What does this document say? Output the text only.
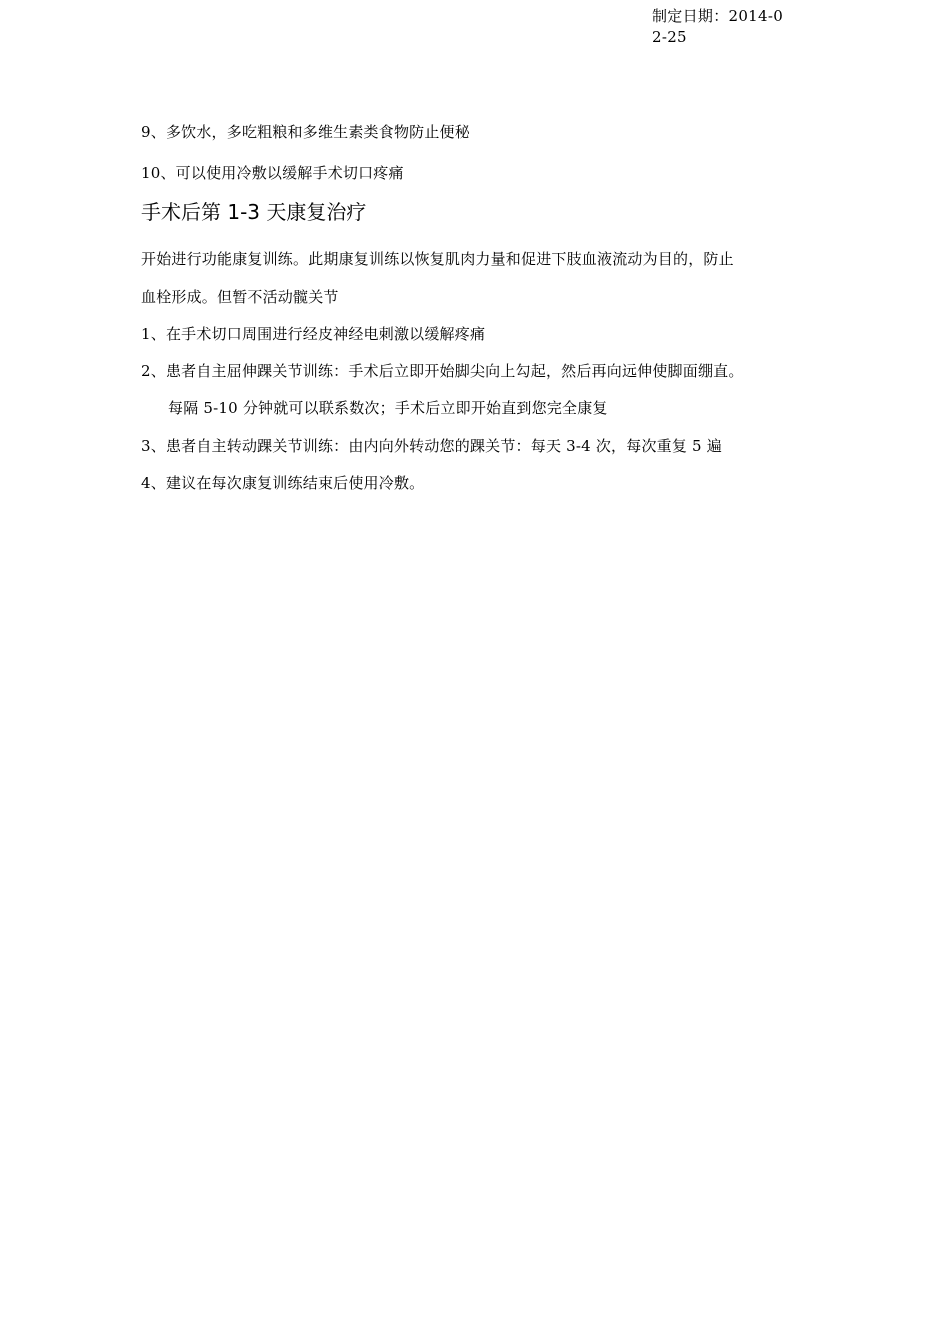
制定日期：2014-0
2-25
9、多饮水，多吃粗粮和多维生素类食物防止便秘
10、可以使用冷敷以缓解手术切口疼痛
手术后第 1-3 天康复治疗
开始进行功能康复训练。此期康复训练以恢复肌肉力量和促进下肢血液流动为目的，防止
血栓形成。但暂不活动髋关节
1、在手术切口周围进行经皮神经电刺激以缓解疼痛
2、患者自主屈伸踝关节训练：手术后立即开始脚尖向上勾起，然后再向远伸使脚面绷直。
每隔 5-10 分钟就可以联系数次；手术后立即开始直到您完全康复
3、患者自主转动踝关节训练：由内向外转动您的踝关节：每天 3-4 次，每次重复 5 遍
4、建议在每次康复训练结束后使用冷敷。
